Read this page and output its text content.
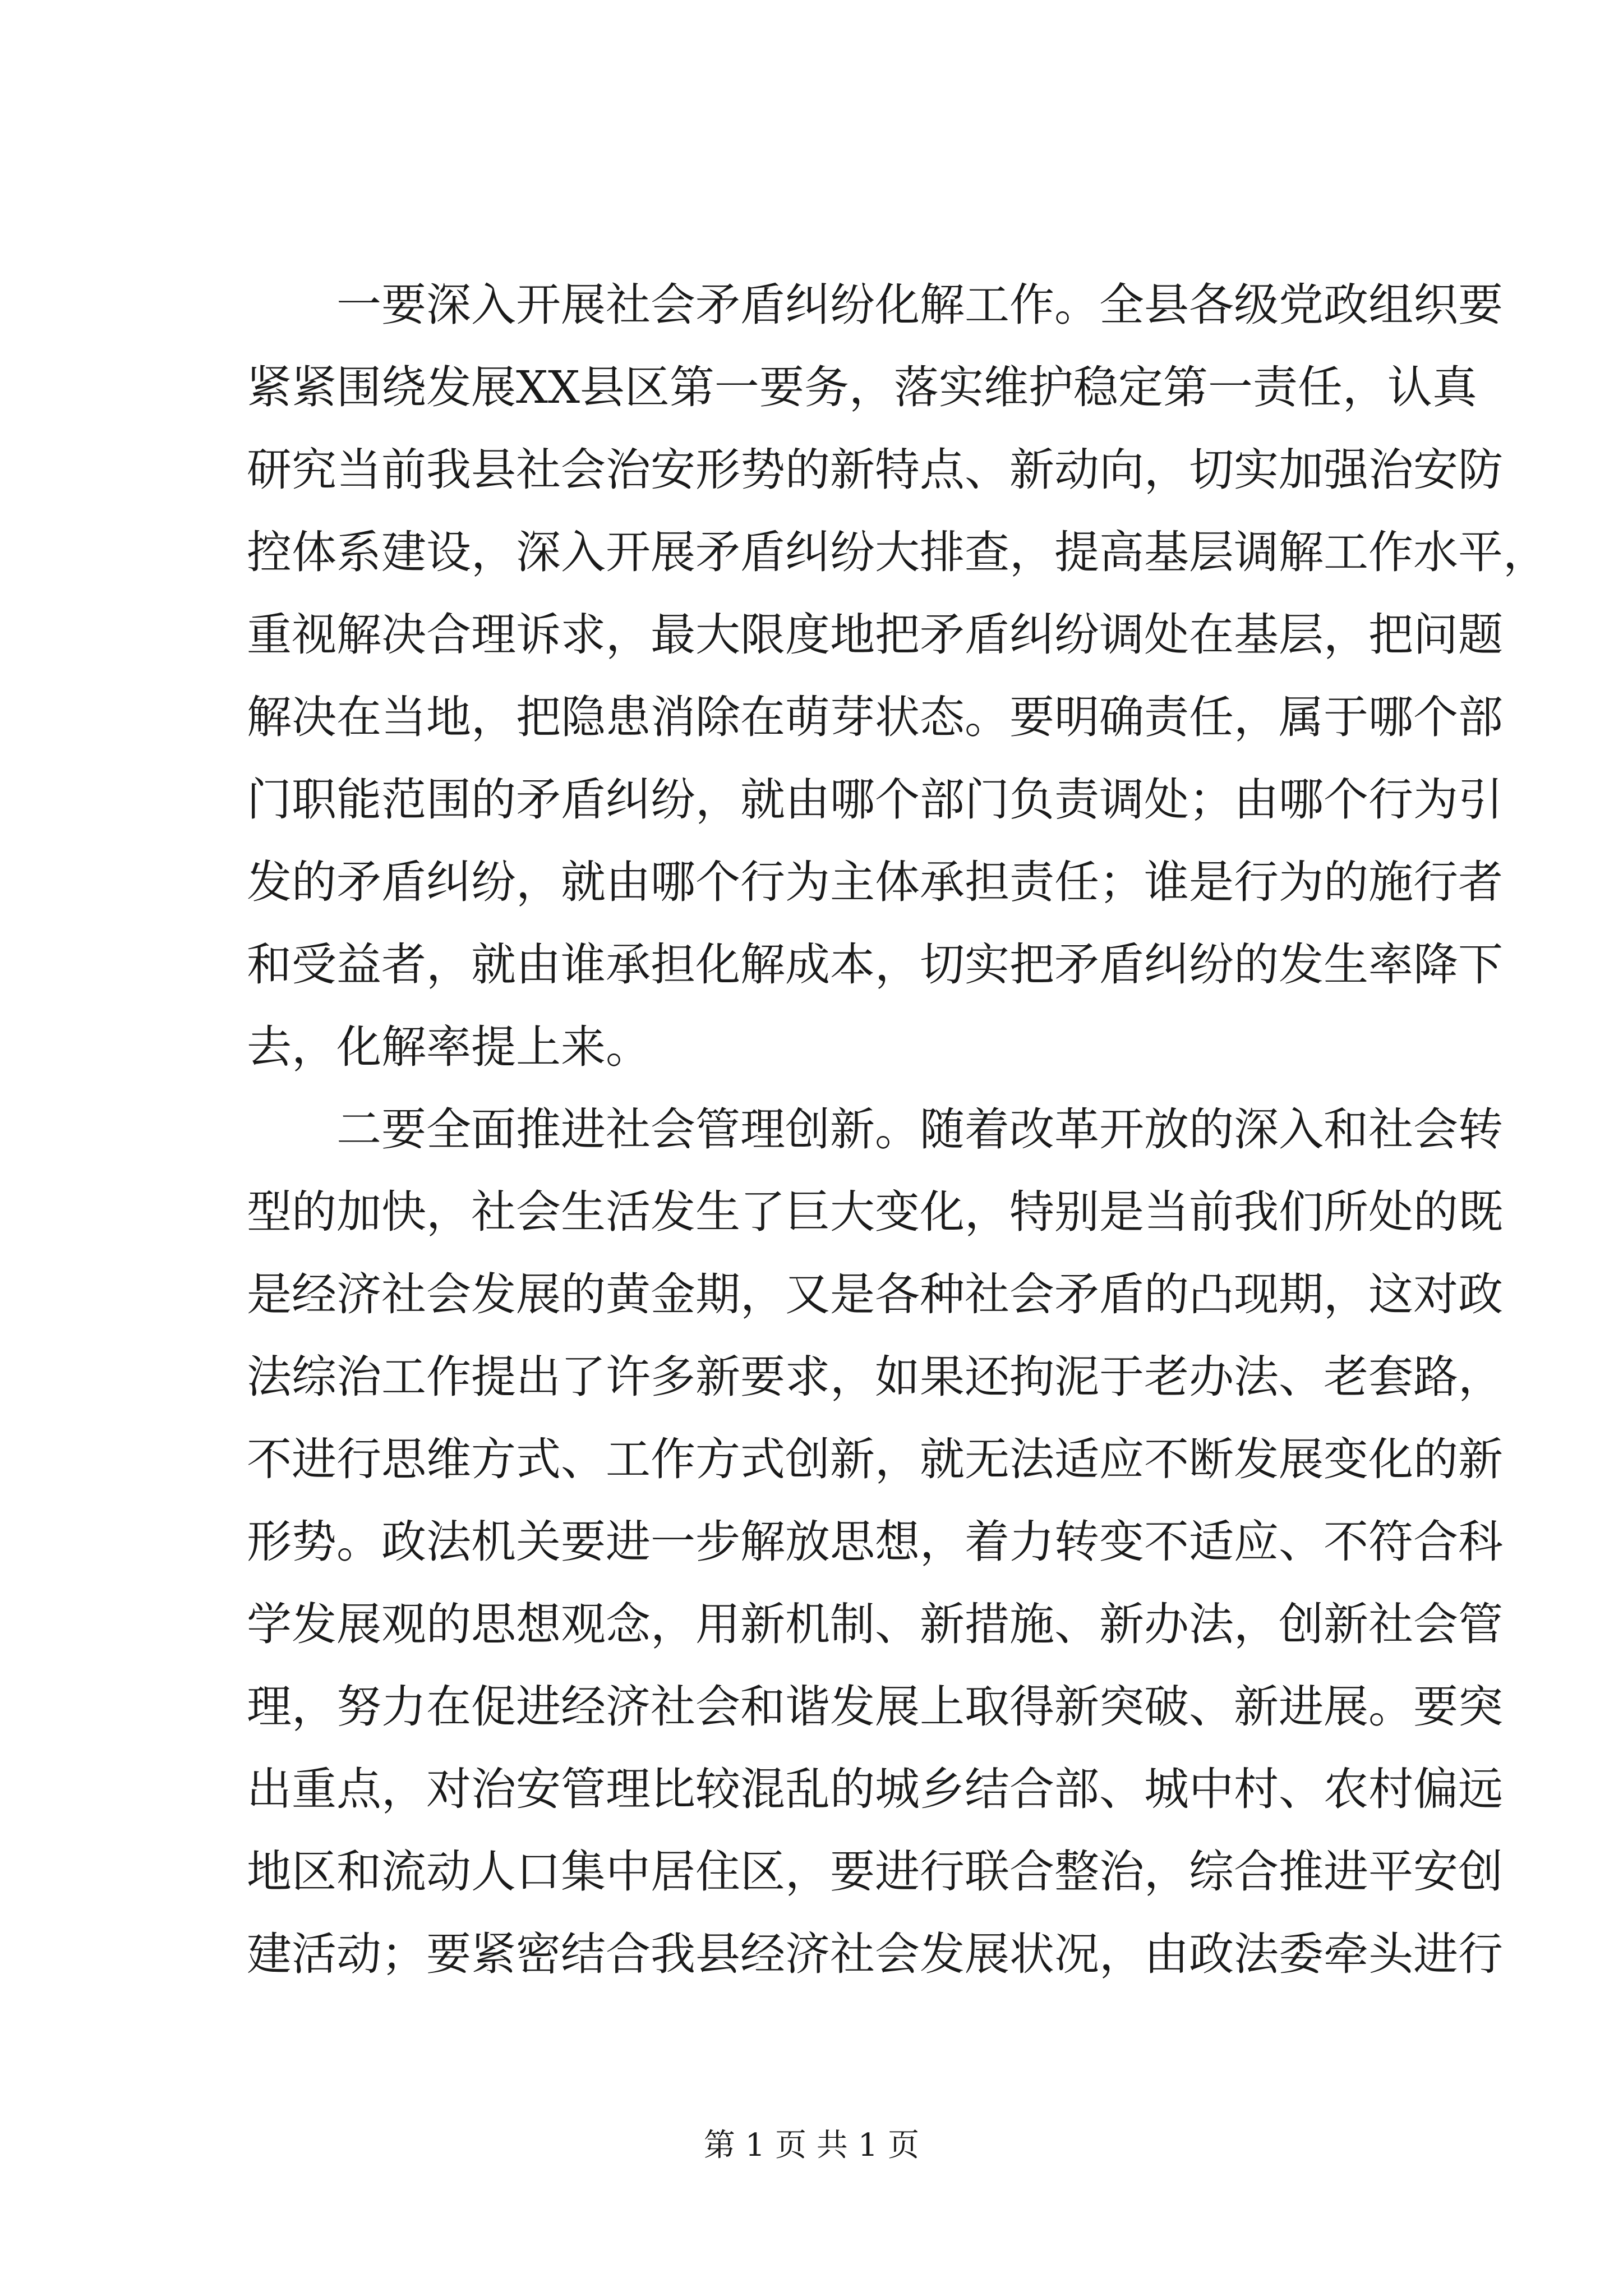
一要深入开展社会矛盾纠纷化解工作。全县各级党政组织要
紧紧围绕发展XX县区第一要务，落实维护稳定第一责任，认真
研究当前我县社会治安形势的新特点、新动向，切实加强治安防
控体系建设，深入开展矛盾纠纷大排查，提高基层调解工作水平，
重视解决合理诉求，最大限度地把矛盾纠纷调处在基层，把问题
解决在当地，把隐患消除在萌芽状态。要明确责任，属于哪个部
门职能范围的矛盾纠纷，就由哪个部门负责调处；由哪个行为引
发的矛盾纠纷，就由哪个行为主体承担责任；谁是行为的施行者
和受益者，就由谁承担化解成本，切实把矛盾纠纷的发生率降下
去，化解率提上来。
二要全面推进社会管理创新。随着改革开放的深入和社会转
型的加快，社会生活发生了巨大变化，特别是当前我们所处的既
是经济社会发展的黄金期，又是各种社会矛盾的凸现期，这对政
法综治工作提出了许多新要求，如果还拘泥于老办法、老套路，
不进行思维方式、工作方式创新，就无法适应不断发展变化的新
形势。政法机关要进一步解放思想，着力转变不适应、不符合科
学发展观的思想观念，用新机制、新措施、新办法，创新社会管
理，努力在促进经济社会和谐发展上取得新突破、新进展。要突
出重点，对治安管理比较混乱的城乡结合部、城中村、农村偏远
地区和流动人口集中居住区，要进行联合整治，综合推进平安创
建活动；要紧密结合我县经济社会发展状况，由政法委牵头进行
第 1 页 共 1 页
